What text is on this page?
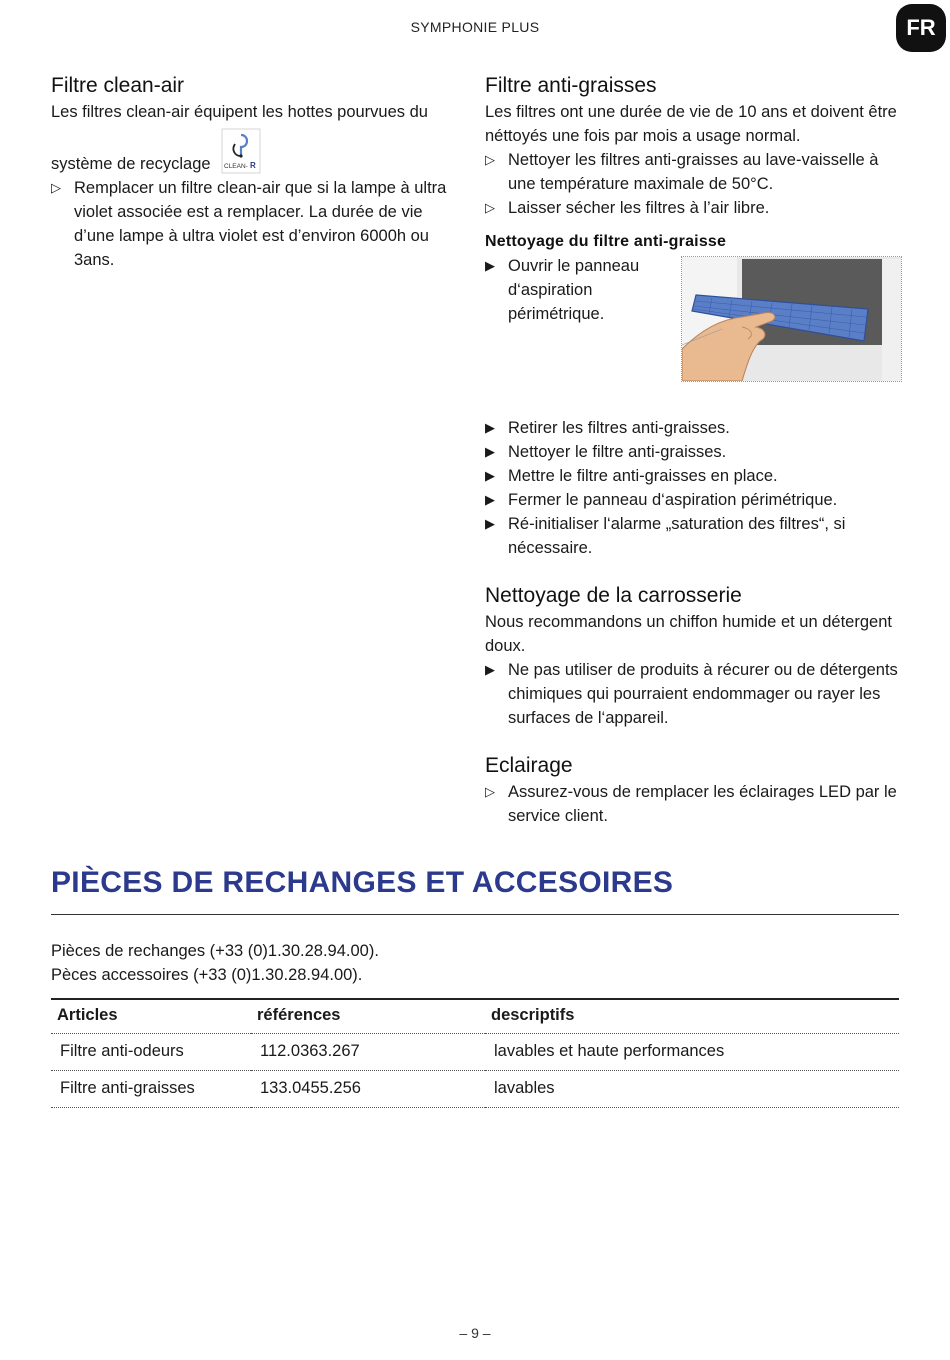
SYMPHONIE PLUS	FR
Filtre clean-air

Les filtres clean-air équipent les hottes pourvues du

système de recyclage CLEAN- R
▷ Remplacer un filtre clean-air que si la lampe à ultra violet associée est a remplacer. La durée de vie d’une lampe à ultra violet est d’environ 6000h ou 3ans.
Filtre anti-graisses

Les filtres ont une durée de vie de 10 ans et doivent être néttoyés une fois par mois a usage normal.

▷ Nettoyer les filtres anti-graisses au lave-vaisselle à une température maximale de 50°C.
▷ Laisser sécher les filtres à l’air libre.
Nettoyage du filtre anti-graisse
▶ Ouvrir le panneau d‘aspiration périmétrique.
▶ Retirer les filtres anti-graisses.
▶ Nettoyer le filtre anti-graisses.
▶ Mettre le filtre anti-graisses en place.
▶ Fermer le panneau d‘aspiration périmétrique.
▶ Ré-initialiser l‘alarme „saturation des filtres“, si nécessaire.
Nettoyage de la carrosserie

Nous recommandons un chiffon humide et un détergent doux.

▶ Ne pas utiliser de produits à récurer ou de détergents chimiques qui pourraient endommager ou rayer les surfaces de l‘appareil.
Eclairage
▷ Assurez-vous de remplacer les éclairages LED par le service client.
PIÈCES DE RECHANGES ET ACCESOIRES

Pièces de rechanges (+33 (0)1.30.28.94.00).

Pèces accessoires (+33 (0)1.30.28.94.00).

Articles	références	descriptifs
Filtre anti-odeurs	112.0363.267	lavables et haute performances
Filtre anti-graisses	133.0455.256	lavables
– 9 –
